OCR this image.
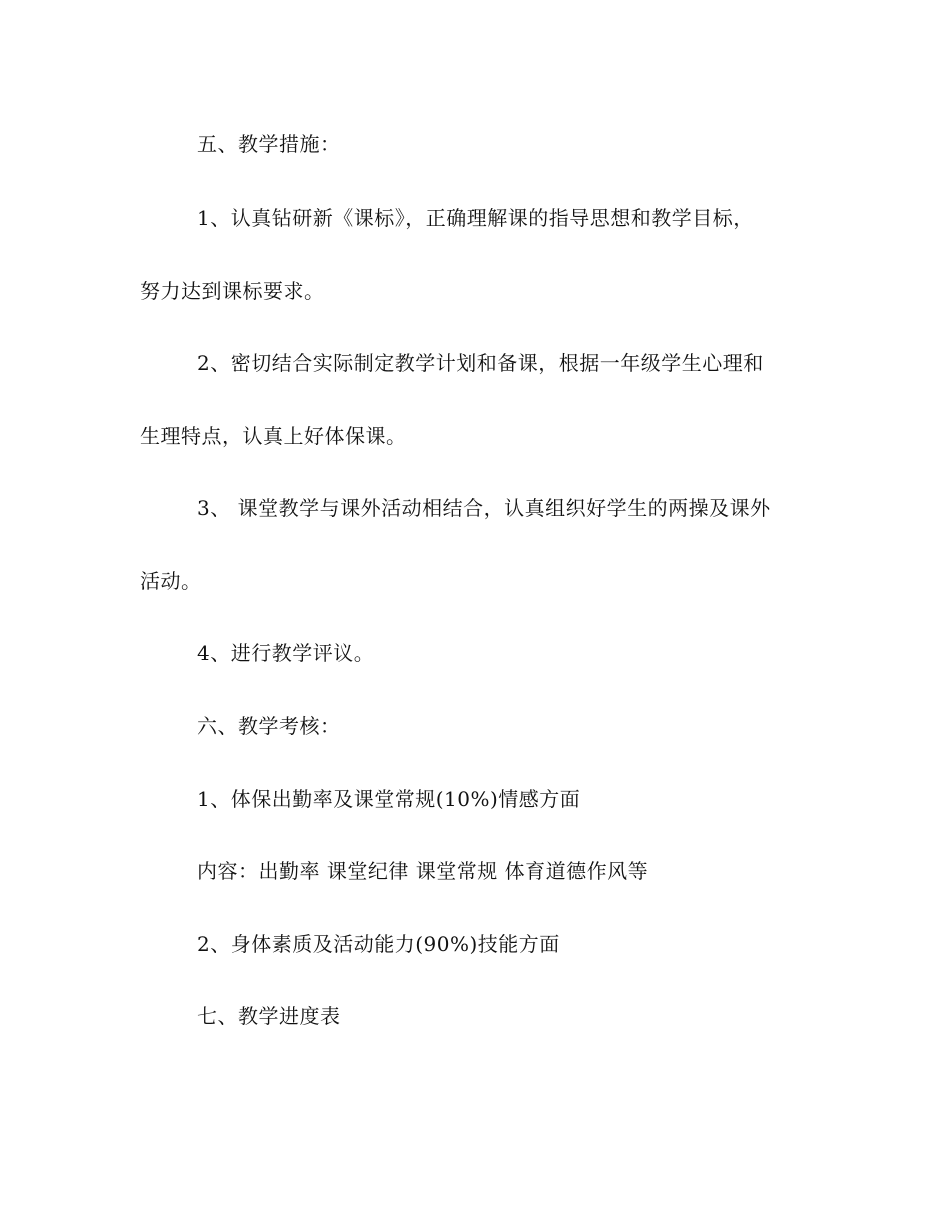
五、教学措施：
1、认真钻研新《课标》，正确理解课的指导思想和教学目标，
努力达到课标要求。
2、密切结合实际制定教学计划和备课，根据一年级学生心理和
生理特点，认真上好体保课。
3、 课堂教学与课外活动相结合，认真组织好学生的两操及课外
活动。
4、进行教学评议。
六、教学考核：
1、体保出勤率及课堂常规(10%)情感方面
内容：出勤率 课堂纪律 课堂常规 体育道德作风等
2、身体素质及活动能力(90%)技能方面
七、教学进度表
